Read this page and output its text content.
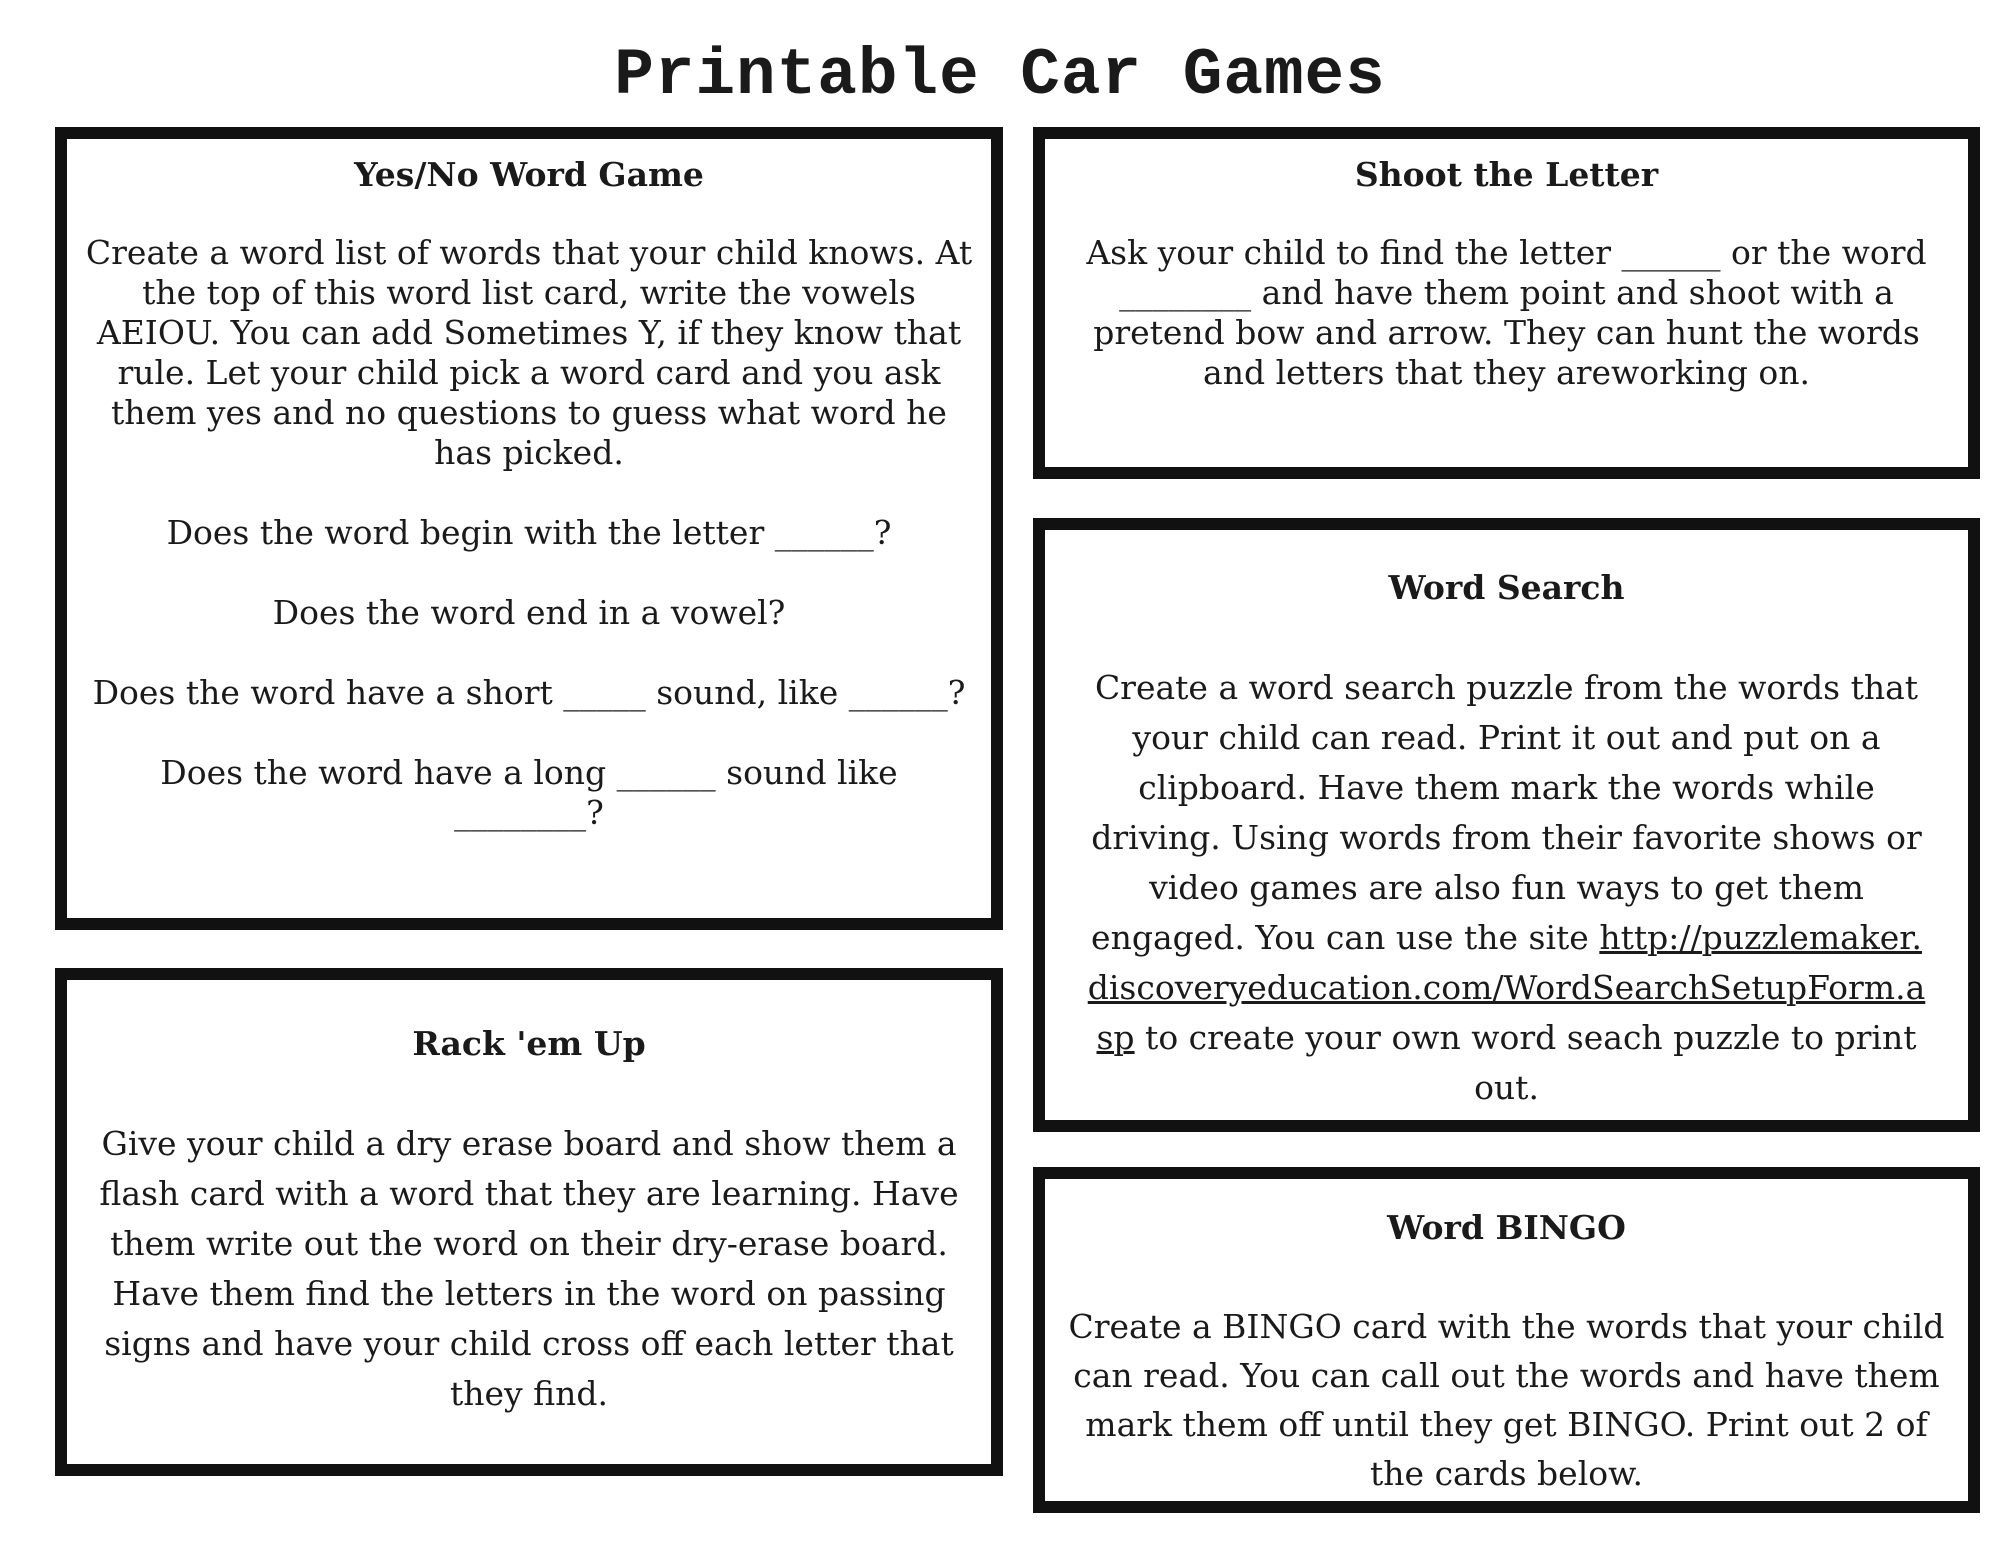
Printable Car Games
Yes/No Word Game

Create a word list of words that your child knows. At the top of this word list card, write the vowels AEIOU. You can add Sometimes Y, if they know that rule. Let your child pick a word card and you ask them yes and no questions to guess what word he has picked.

Does the word begin with the letter ______?

Does the word end in a vowel?

Does the word have a short _____ sound, like ______?

Does the word have a long ______ sound like ________?

Shoot the Letter

Ask your child to find the letter ______ or the word ________ and have them point and shoot with a pretend bow and arrow. They can hunt the words and letters that they areworking on.

Word Search

Create a word search puzzle from the words that your child can read. Print it out and put on a clipboard. Have them mark the words while driving. Using words from their favorite shows or video games are also fun ways to get them engaged. You can use the site http://puzzlemaker.discoveryeducation.com/WordSearchSetupForm.asp to create your own word seach puzzle to print out.

Rack 'em Up

Give your child a dry erase board and show them a flash card with a word that they are learning. Have them write out the word on their dry-erase board. Have them find the letters in the word on passing signs and have your child cross off each letter that they find.

Word BINGO

Create a BINGO card with the words that your child can read. You can call out the words and have them mark them off until they get BINGO. Print out 2 of the cards below.
